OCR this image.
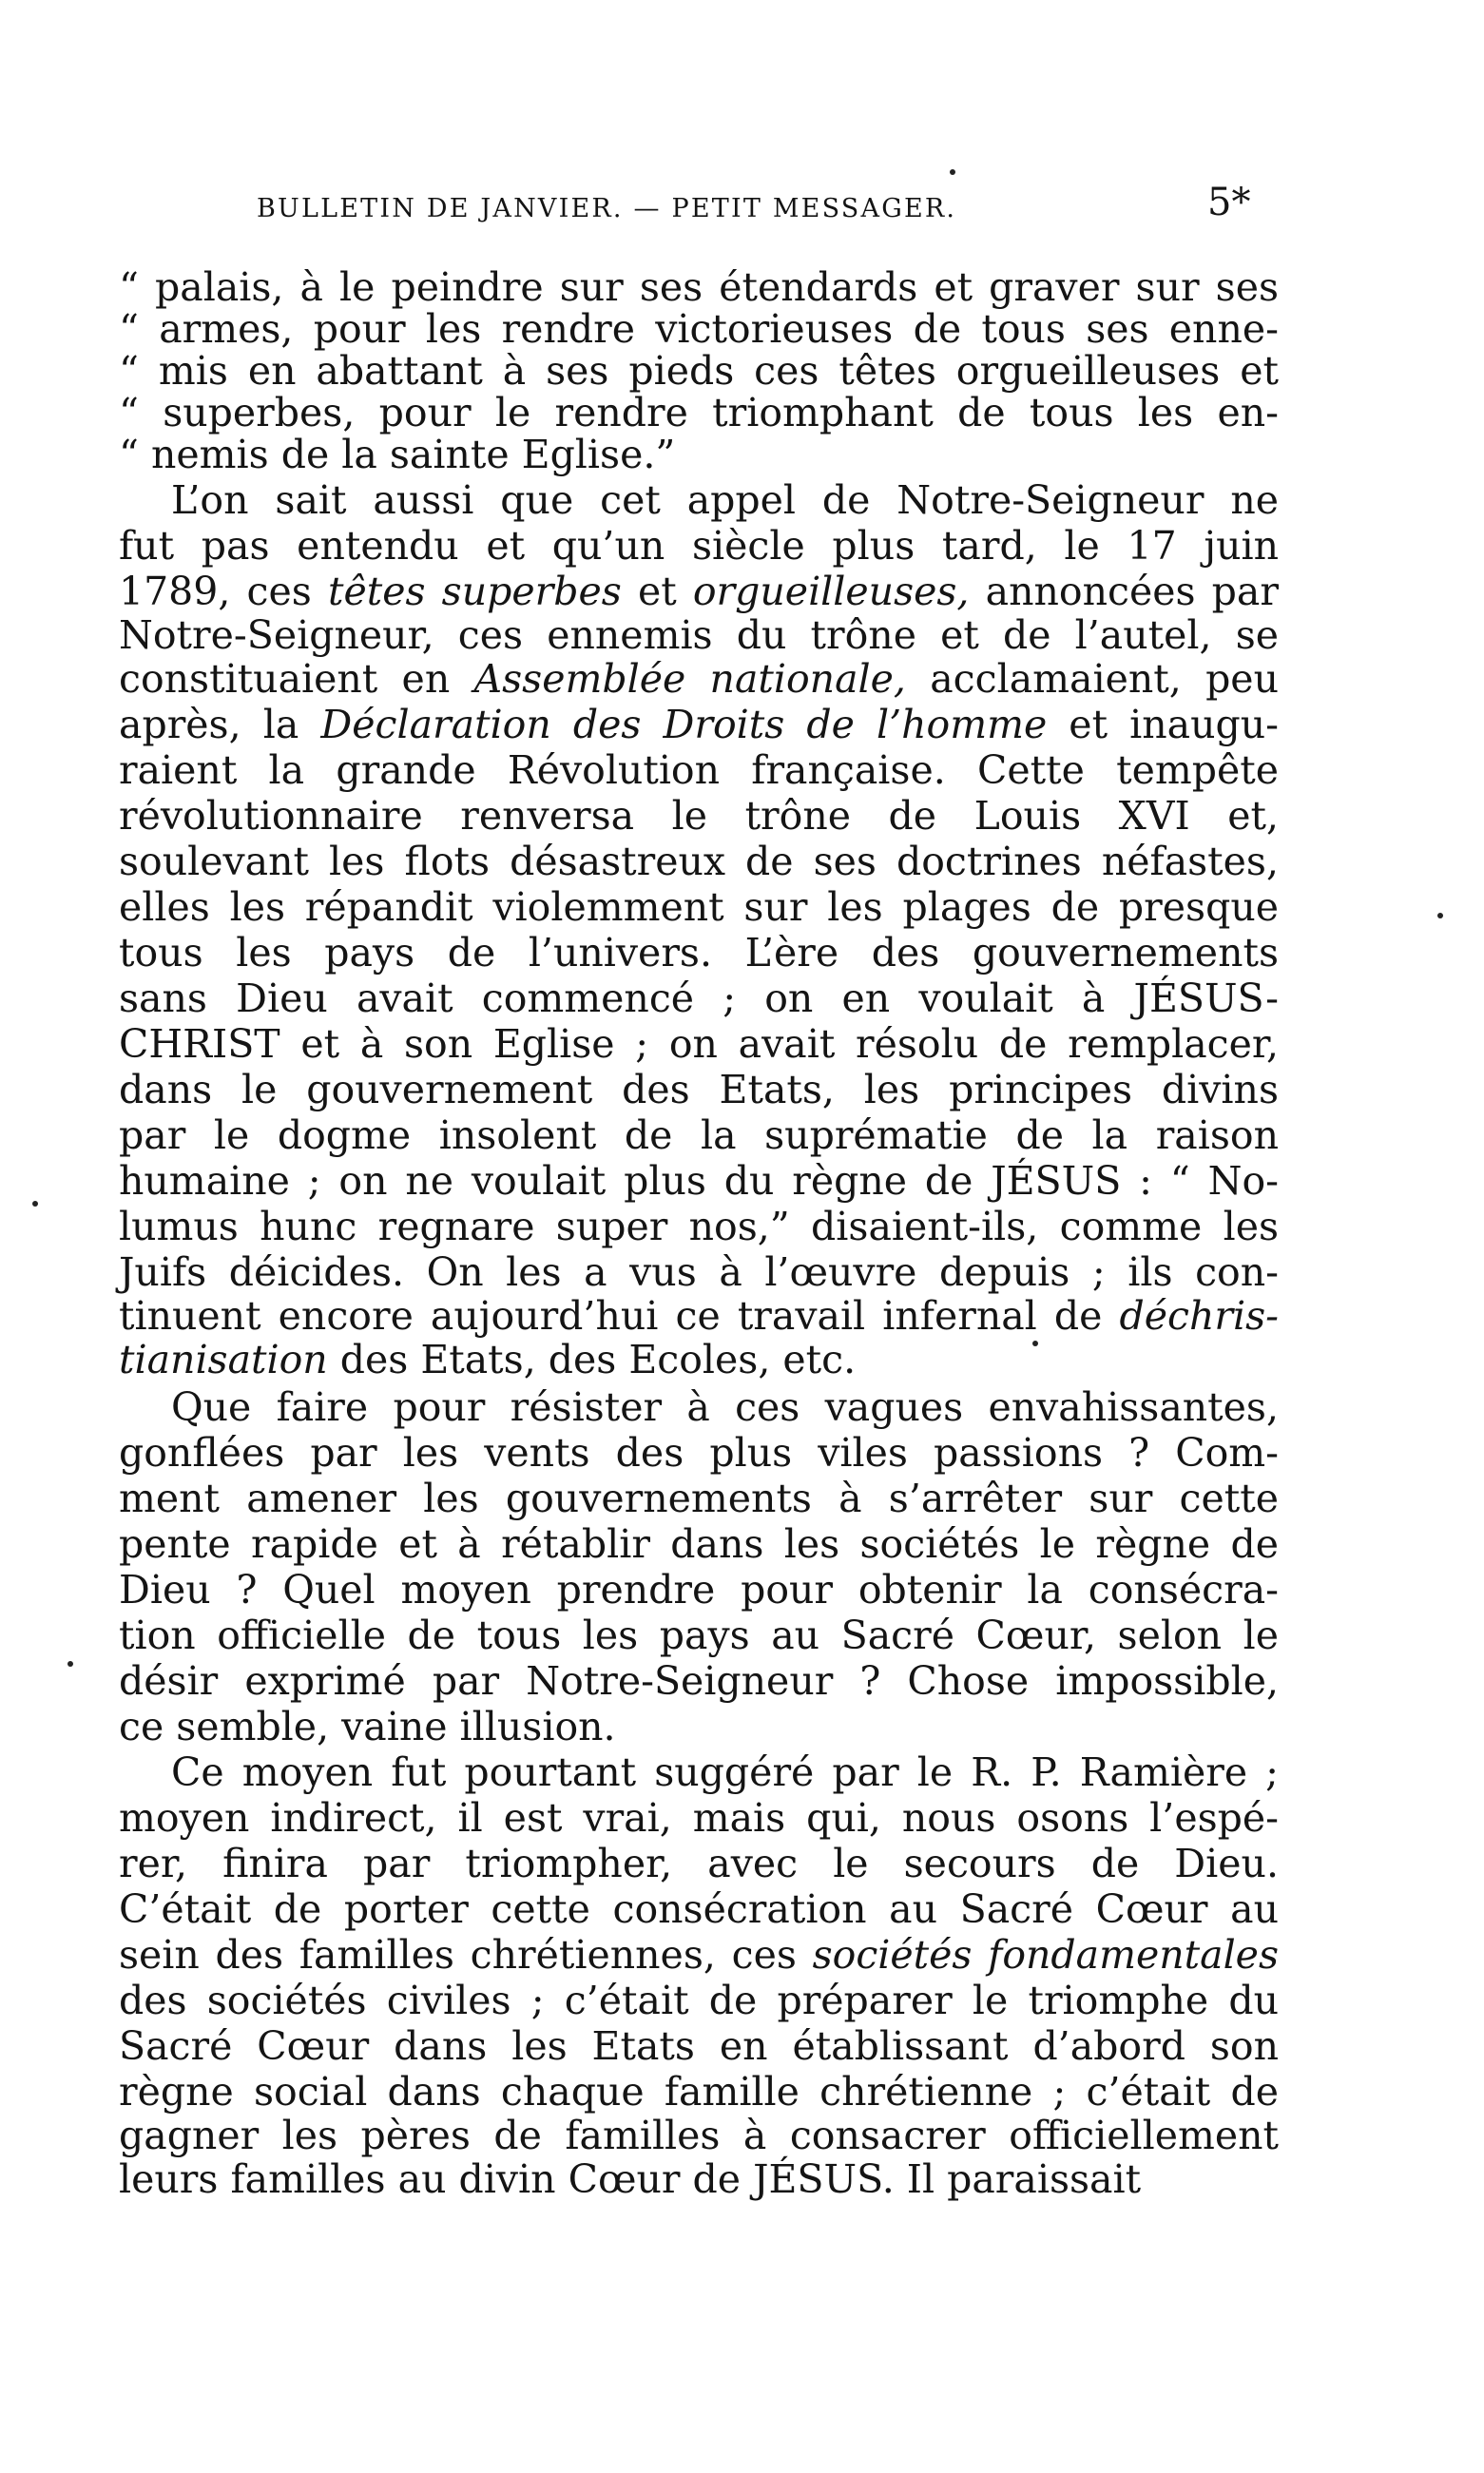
BULLETIN DE JANVIER. — PETIT MESSAGER.	5*
“ palais, à le peindre sur ses étendards et graver sur ses
“ armes, pour les rendre victorieuses de tous ses enne-
“ mis en abattant à ses pieds ces têtes orgueilleuses et
“ superbes, pour le rendre triomphant de tous les en-
“ nemis de la sainte Eglise.”
L’on sait aussi que cet appel de Notre-Seigneur ne
fut pas entendu et qu’un siècle plus tard, le 17 juin
1789, ces têtes superbes et orgueilleuses, annoncées par
Notre-Seigneur, ces ennemis du trône et de l’autel, se
constituaient en Assemblée nationale, acclamaient, peu
après, la Déclaration des Droits de l’homme et inaugu-
raient la grande Révolution française. Cette tempête
révolutionnaire renversa le trône de Louis XVI et,
soulevant les flots désastreux de ses doctrines néfastes,
elles les répandit violemment sur les plages de presque
tous les pays de l’univers. L’ère des gouvernements
sans Dieu avait commencé ; on en voulait à JÉSUS-
CHRIST et à son Eglise ; on avait résolu de remplacer,
dans le gouvernement des Etats, les principes divins
par le dogme insolent de la suprématie de la raison
humaine ; on ne voulait plus du règne de JÉSUS : “ No-
lumus hunc regnare super nos,” disaient-ils, comme les
Juifs déicides. On les a vus à l’œuvre depuis ; ils con-
tinuent encore aujourd’hui ce travail infernal de déchris-
tianisation des Etats, des Ecoles, etc.
Que faire pour résister à ces vagues envahissantes,
gonflées par les vents des plus viles passions ? Com-
ment amener les gouvernements à s’arrêter sur cette
pente rapide et à rétablir dans les sociétés le règne de
Dieu ? Quel moyen prendre pour obtenir la consécra-
tion officielle de tous les pays au Sacré Cœur, selon le
désir exprimé par Notre-Seigneur ? Chose impossible,
ce semble, vaine illusion.
Ce moyen fut pourtant suggéré par le R. P. Ramière ;
moyen indirect, il est vrai, mais qui, nous osons l’espé-
rer, finira par triompher, avec le secours de Dieu.
C’était de porter cette consécration au Sacré Cœur au
sein des familles chrétiennes, ces sociétés fondamentales
des sociétés civiles ; c’était de préparer le triomphe du
Sacré Cœur dans les Etats en établissant d’abord son
règne social dans chaque famille chrétienne ; c’était de
gagner les pères de familles à consacrer officiellement
leurs familles au divin Cœur de JÉSUS. Il paraissait
